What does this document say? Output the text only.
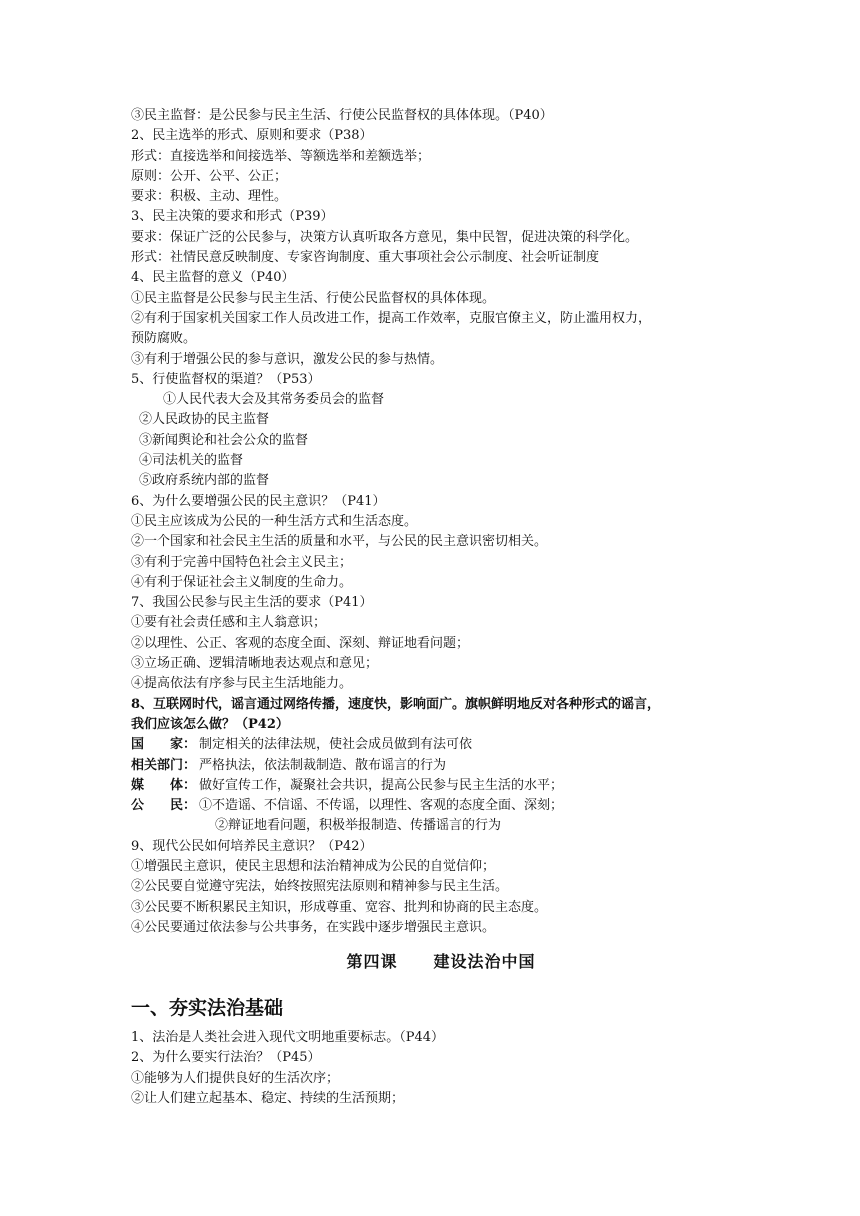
③民主监督：是公民参与民主生活、行使公民监督权的具体体现。（P40）
2、民主选举的形式、原则和要求（P38）
形式：直接选举和间接选举、等额选举和差额选举；
原则：公开、公平、公正；
要求：积极、主动、理性。
3、民主决策的要求和形式（P39）
要求：保证广泛的公民参与，决策方认真听取各方意见，集中民智，促进决策的科学化。
形式：社情民意反映制度、专家咨询制度、重大事项社会公示制度、社会听证制度
4、民主监督的意义（P40）
①民主监督是公民参与民主生活、行使公民监督权的具体体现。
②有利于国家机关国家工作人员改进工作，提高工作效率，克服官僚主义，防止滥用权力，
预防腐败。
③有利于增强公民的参与意识，激发公民的参与热情。
5、行使监督权的渠道？（P53）
①人民代表大会及其常务委员会的监督
②人民政协的民主监督
③新闻舆论和社会公众的监督
④司法机关的监督
⑤政府系统内部的监督
6、为什么要增强公民的民主意识？（P41）
①民主应该成为公民的一种生活方式和生活态度。
②一个国家和社会民主生活的质量和水平，与公民的民主意识密切相关。
③有利于完善中国特色社会主义民主；
④有利于保证社会主义制度的生命力。
7、我国公民参与民主生活的要求（P41）
①要有社会责任感和主人翁意识；
②以理性、公正、客观的态度全面、深刻、辩证地看问题；
③立场正确、逻辑清晰地表达观点和意见；
④提高依法有序参与民主生活地能力。
8、互联网时代，谣言通过网络传播，速度快，影响面广。旗帜鲜明地反对各种形式的谣言，
我们应该怎么做？（P42）
国　　家： 制定相关的法律法规，使社会成员做到有法可依
相关部门： 严格执法，依法制裁制造、散布谣言的行为
媒　　体： 做好宣传工作，凝聚社会共识，提高公民参与民主生活的水平；
公　　民： ①不造谣、不信谣、不传谣，以理性、客观的态度全面、深刻；
②辩证地看问题，积极举报制造、传播谣言的行为
9、现代公民如何培养民主意识？（P42）
①增强民主意识，使民主思想和法治精神成为公民的自觉信仰；
②公民要自觉遵守宪法，始终按照宪法原则和精神参与民主生活。
③公民要不断积累民主知识，形成尊重、宽容、批判和协商的民主态度。
④公民要通过依法参与公共事务，在实践中逐步增强民主意识。
第四课 建设法治中国
一、夯实法治基础
1、法治是人类社会进入现代文明地重要标志。（P44）
2、为什么要实行法治？（P45）
①能够为人们提供良好的生活次序；
②让人们建立起基本、稳定、持续的生活预期；
